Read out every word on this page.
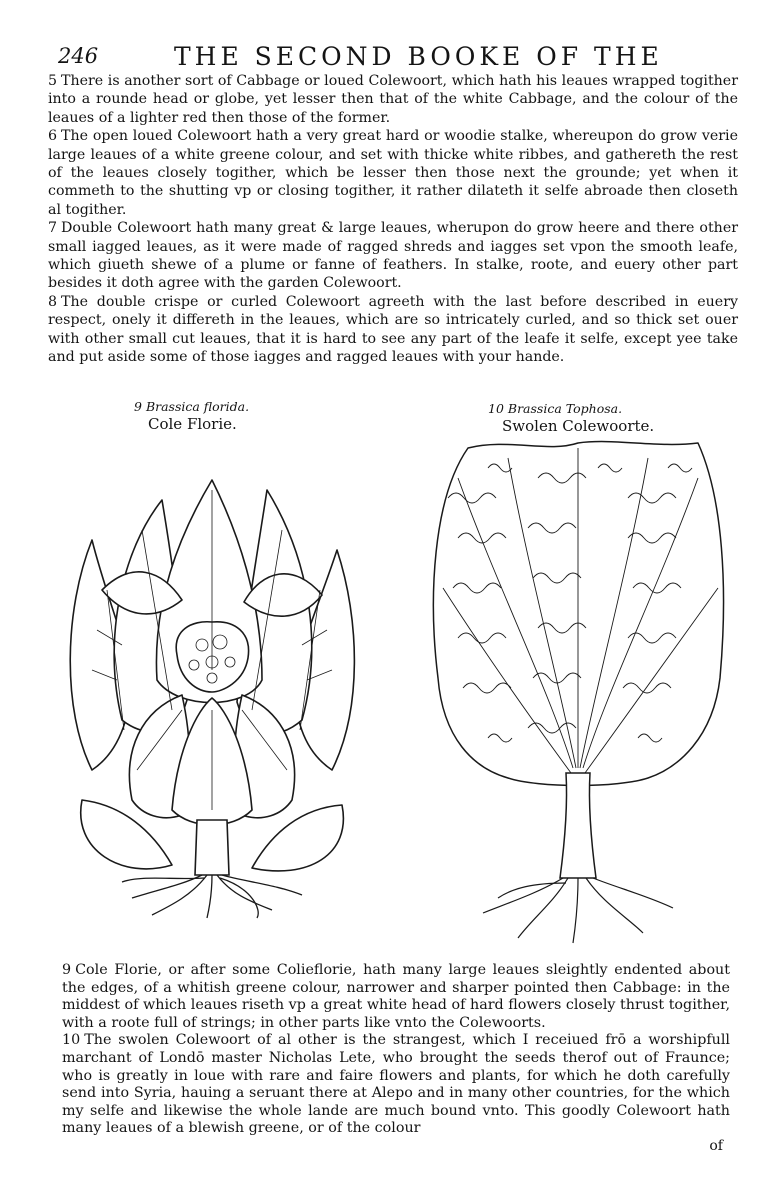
246	THE SECOND BOOKE OF THE

5 There is another sort of Cabbage or loued Colewoort, which hath his leaues wrapped togither into a rounde head or globe, yet lesser then that of the white Cabbage, and the colour of the leaues of a lighter red then those of the former.

6 The open loued Colewoort hath a very great hard or woodie stalke, whereupon do grow verie large leaues of a white greene colour, and set with thicke white ribbes, and gathereth the rest of the leaues closely togither, which be lesser then those next the grounde; yet when it commeth to the shutting vp or closing togither, it rather dilateth it selfe abroade then closeth al togither.

7 Double Colewoort hath many great & large leaues, wherupon do grow heere and there other small iagged leaues, as it were made of ragged shreds and iagges set vpon the smooth leafe, which giueth shewe of a plume or fanne of feathers. In stalke, roote, and euery other part besides it doth agree with the garden Colewoort.

8 The double crispe or curled Colewoort agreeth with the last before described in euery respect, onely it differeth in the leaues, which are so intricately curled, and so thick set ouer with other small cut leaues, that it is hard to see any part of the leafe it selfe, except yee take and put aside some of those iagges and ragged leaues with your hande.

9 Brassica florida.
Cole Florie.
10 Brassica Tophosa.
Swolen Colewoorte.

9 Cole Florie, or after some Colieflorie, hath many large leaues sleightly endented about the edges, of a whitish greene colour, narrower and sharper pointed then Cabbage: in the middest of which leaues riseth vp a great white head of hard flowers closely thrust togither, with a roote full of strings; in other parts like vnto the Colewoorts.

10 The swolen Colewoort of al other is the strangest, which I receiued frō a worshipfull marchant of Londō master Nicholas Lete, who brought the seeds therof out of Fraunce; who is greatly in loue with rare and faire flowers and plants, for which he doth carefully send into Syria, hauing a seruant there at Alepo and in many other countries, for the which my selfe and likewise the whole lande are much bound vnto. This goodly Colewoort hath many leaues of a blewish greene, or of the colour

of
